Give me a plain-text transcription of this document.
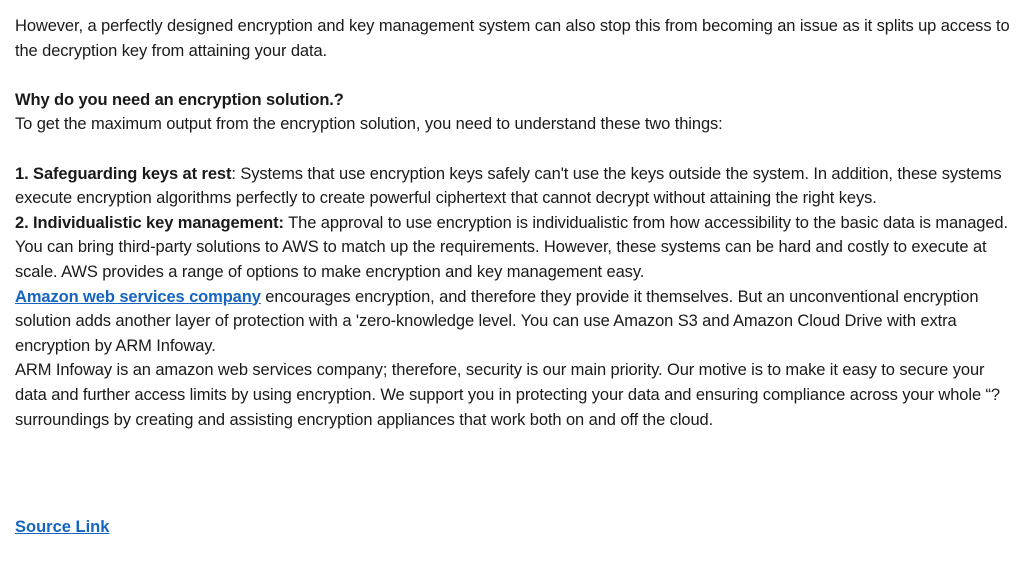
However, a perfectly designed encryption and key management system can also stop this from becoming an issue as it splits up access to the decryption key from attaining your data.

Why do you need an encryption solution.?

To get the maximum output from the encryption solution, you need to understand these two things:

1. Safeguarding keys at rest: Systems that use encryption keys safely can't use the keys outside the system. In addition, these systems execute encryption algorithms perfectly to create powerful ciphertext that cannot decrypt without attaining the right keys.

2. Individualistic key management: The approval to use encryption is individualistic from how accessibility to the basic data is managed. You can bring third-party solutions to AWS to match up the requirements. However, these systems can be hard and costly to execute at scale. AWS provides a range of options to make encryption and key management easy.

Amazon web services company encourages encryption, and therefore they provide it themselves. But an unconventional encryption solution adds another layer of protection with a 'zero-knowledge level. You can use Amazon S3 and Amazon Cloud Drive with extra encryption by ARM Infoway.

ARM Infoway is an amazon web services company; therefore, security is our main priority. Our motive is to make it easy to secure your data and further access limits by using encryption. We support you in protecting your data and ensuring compliance across your whole “? surroundings by creating and assisting encryption appliances that work both on and off the cloud.

Source Link
